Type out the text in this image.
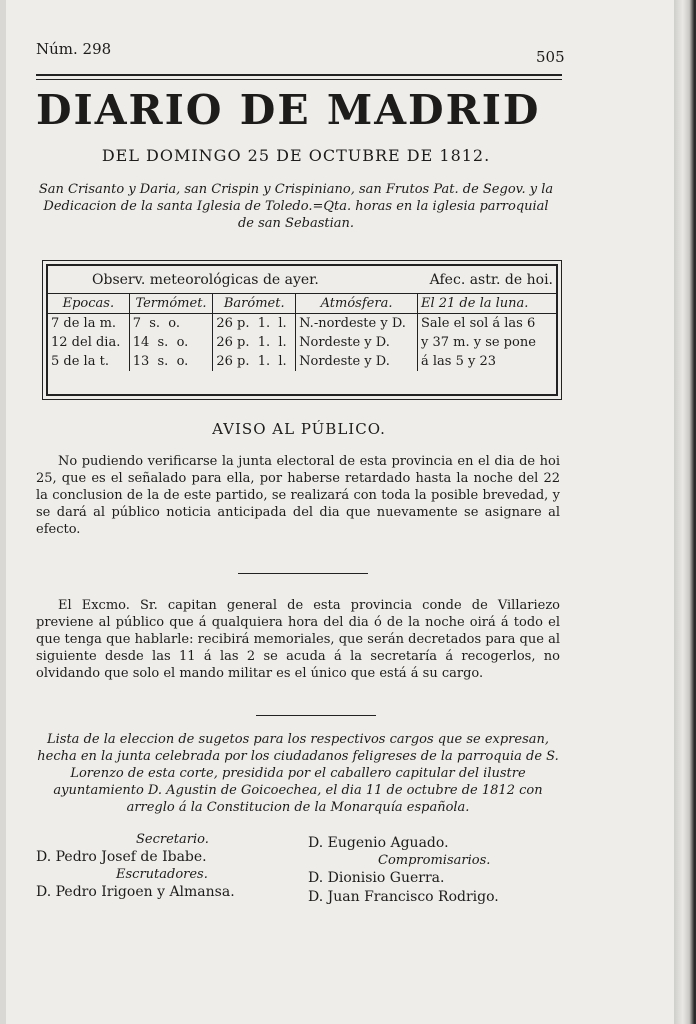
Núm. 298	505
DIARIO DE MADRID
DEL DOMINGO 25 DE OCTUBRE DE 1812.
San Crisanto y Daria, san Crispin y Crispiniano, san Frutos Pat. de Segov. y la Dedicacion de la santa Iglesia de Toledo.=Qta. horas en la iglesia parroquial de san Sebastian.
Observ. meteorológicas de ayer.				Afec. astr. de hoi.
Epocas.	Termómet.	Barómet.	Atmósfera.	El 21 de la luna.
7 de la m.	7  s.  o.	26 p.  1.  l.	N.-nordeste y D.	Sale el sol á las 6
12 del dia.	14  s.  o.	26 p.  1.  l.	Nordeste y D.	y 37 m. y se pone
5 de la t.	13  s.  o.	26 p.  1.  l.	Nordeste y D.	á las 5 y 23
AVISO AL PÚBLICO.
No pudiendo verificarse la junta electoral de esta provincia en el dia de hoi 25, que es el señalado para ella, por haberse retardado hasta la noche del 22 la conclusion de la de este partido, se realizará con toda la posible brevedad, y se dará al público noticia anticipada del dia que nuevamente se asignare al efecto.
El Excmo. Sr. capitan general de esta provincia conde de Villariezo previene al público que á qualquiera hora del dia ó de la noche oirá á todo el que tenga que hablarle: recibirá memoriales, que serán decretados para que al siguiente desde las 11 á las 2 se acuda á la secretaría á recogerlos, no olvidando que solo el mando militar es el único que está á su cargo.
Lista de la eleccion de sugetos para los respectivos cargos que se expresan, hecha en la junta celebrada por los ciudadanos feligreses de la parroquia de S. Lorenzo de esta corte, presidida por el caballero capitular del ilustre ayuntamiento D. Agustin de Goicoechea, el dia 11 de octubre de 1812 con arreglo á la Constitucion de la Monarquía española.
Secretario.
D. Pedro Josef de Ibabe.
Escrutadores.
D. Pedro Irigoen y Almansa.
D. Eugenio Aguado.
Compromisarios.
D. Dionisio Guerra.
D. Juan Francisco Rodrigo.
